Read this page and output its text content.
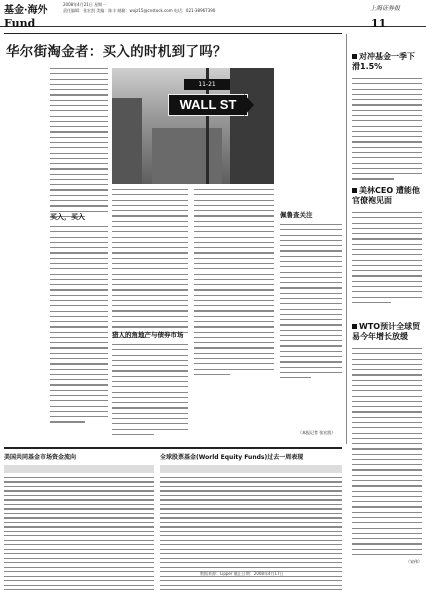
基金·海外
2008年4月21日 星期一
责任编辑：张宏凯 美编：陈丰 邮箱：wxjz15@cnstock.com 电话：021-38967390	上海证券报
Fund	11
华尔街淘金者：买入的时机到了吗？
买入，买入
11-21
WALL ST
猎人的角地产与债券市场
佩鲁查关注
（本报记者 张宏凯）
对冲基金一季下滑1.5%
美林CEO 遭能他官僚袍见面
WTO预计全球贸易今年增长放缓
（宋伟）
美国共同基金市场资金流向	全球股票基金(World Equity Funds)过去一周表现
数据来源：Lipper 截止日期：2008年4月17日
